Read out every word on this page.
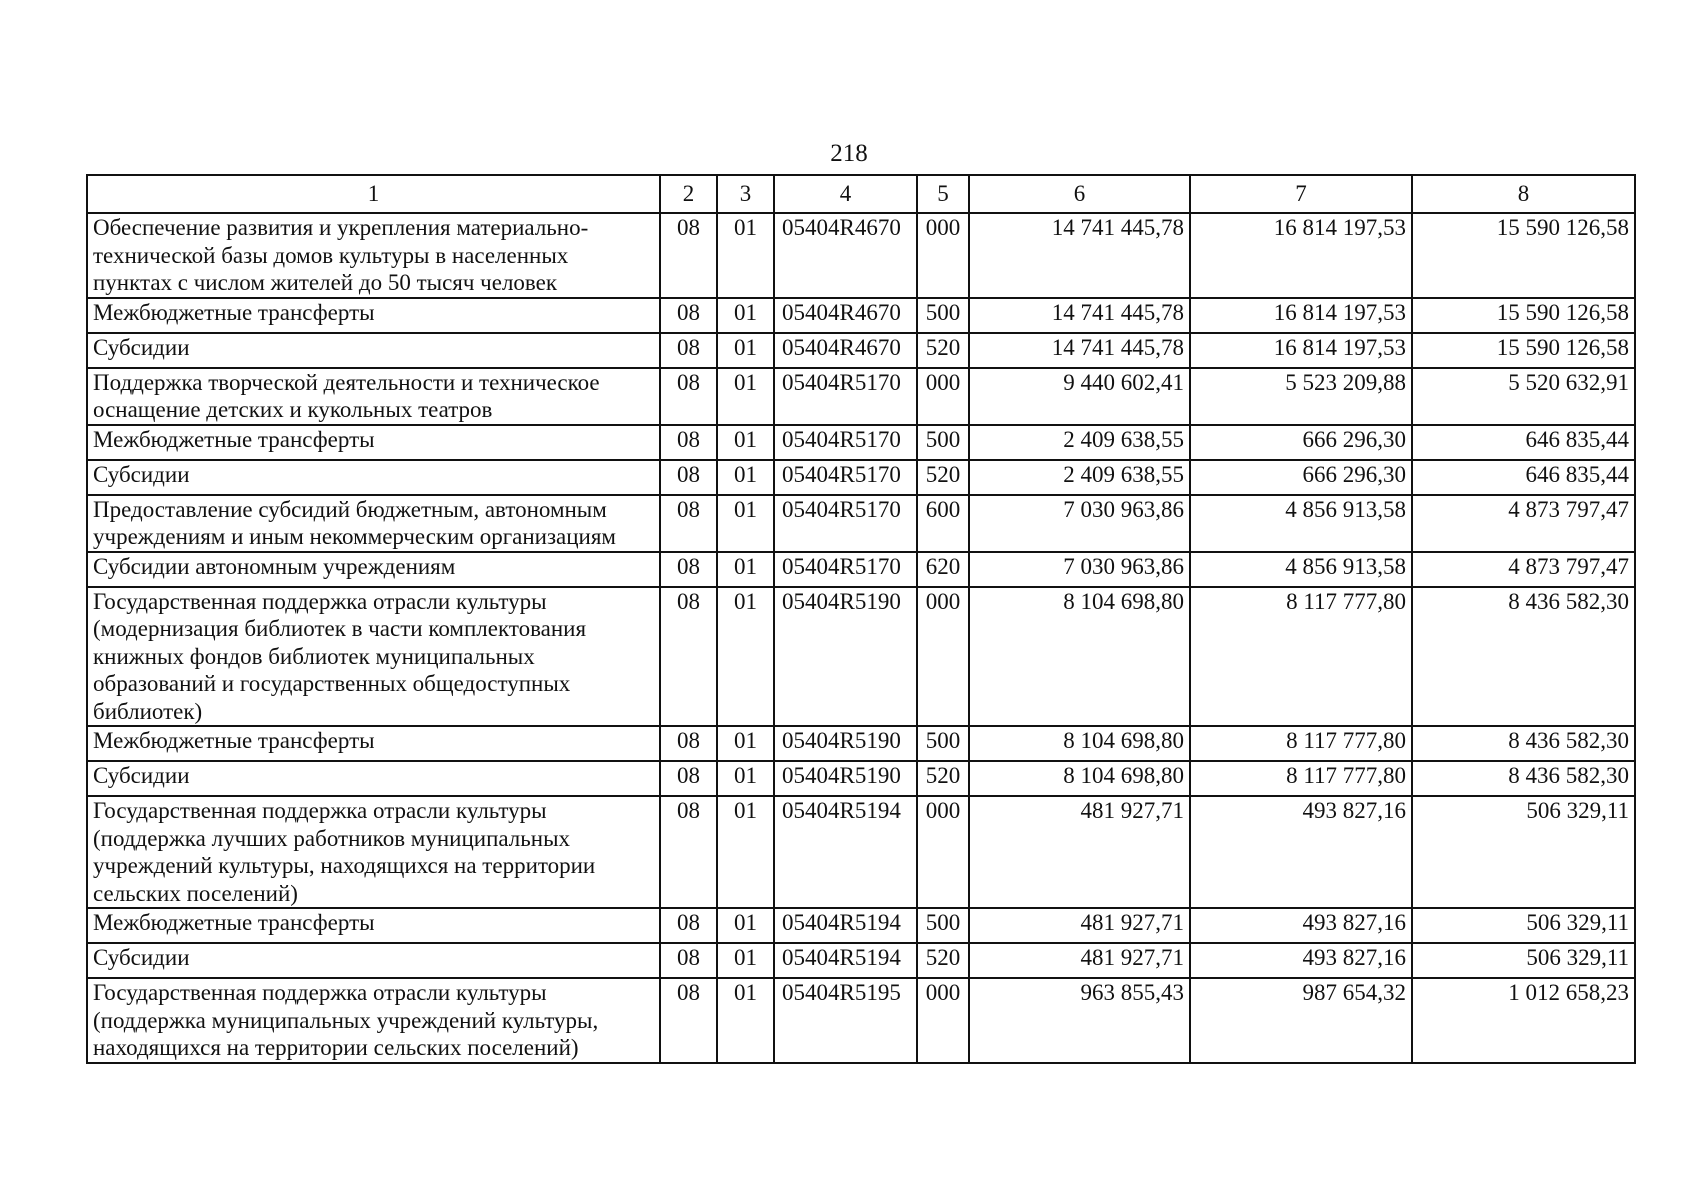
218
1	2	3	4	5	6	7	8

Обеспечение развития и укрепления материально-
технической базы домов культуры в населенных
пунктах с числом жителей до 50 тысяч человек	08	01	05404R4670	000	14 741 445,78	16 814 197,53	15 590 126,58

Межбюджетные трансферты	08	01	05404R4670	500	14 741 445,78	16 814 197,53	15 590 126,58

Субсидии	08	01	05404R4670	520	14 741 445,78	16 814 197,53	15 590 126,58

Поддержка творческой деятельности и техническое
оснащение детских и кукольных театров	08	01	05404R5170	000	9 440 602,41	5 523 209,88	5 520 632,91

Межбюджетные трансферты	08	01	05404R5170	500	2 409 638,55	666 296,30	646 835,44

Субсидии	08	01	05404R5170	520	2 409 638,55	666 296,30	646 835,44

Предоставление субсидий бюджетным, автономным
учреждениям и иным некоммерческим организациям	08	01	05404R5170	600	7 030 963,86	4 856 913,58	4 873 797,47

Субсидии автономным учреждениям	08	01	05404R5170	620	7 030 963,86	4 856 913,58	4 873 797,47

Государственная поддержка отрасли культуры
(модернизация библиотек в части комплектования
книжных фондов библиотек муниципальных
образований и государственных общедоступных
библиотек)	08	01	05404R5190	000	8 104 698,80	8 117 777,80	8 436 582,30

Межбюджетные трансферты	08	01	05404R5190	500	8 104 698,80	8 117 777,80	8 436 582,30

Субсидии	08	01	05404R5190	520	8 104 698,80	8 117 777,80	8 436 582,30

Государственная поддержка отрасли культуры
(поддержка лучших работников муниципальных
учреждений культуры, находящихся на территории
сельских поселений)	08	01	05404R5194	000	481 927,71	493 827,16	506 329,11

Межбюджетные трансферты	08	01	05404R5194	500	481 927,71	493 827,16	506 329,11

Субсидии	08	01	05404R5194	520	481 927,71	493 827,16	506 329,11

Государственная поддержка отрасли культуры
(поддержка муниципальных учреждений культуры,
находящихся на территории сельских поселений)	08	01	05404R5195	000	963 855,43	987 654,32	1 012 658,23
